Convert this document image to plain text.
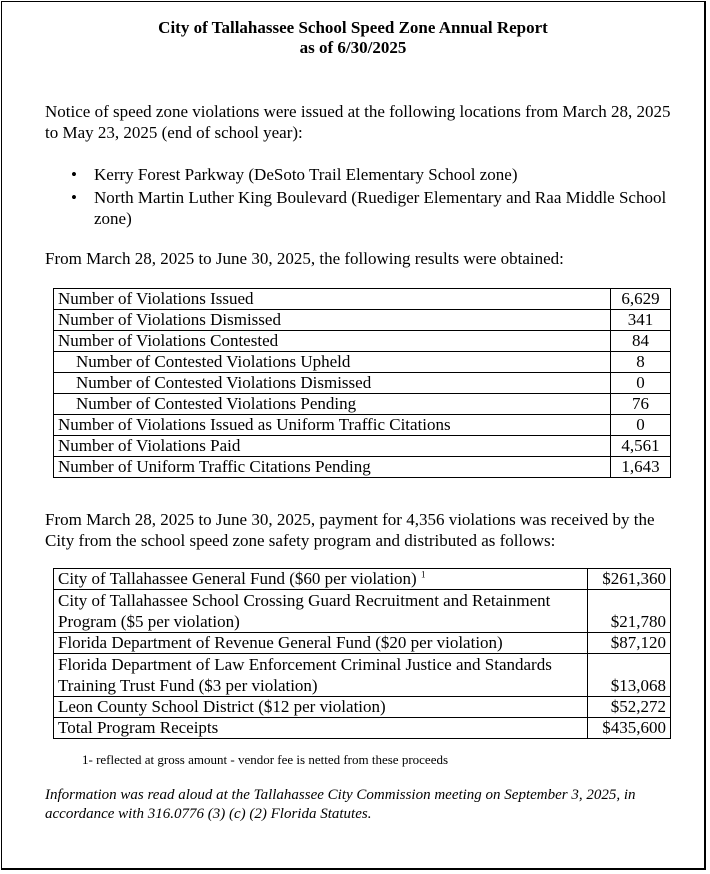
City of Tallahassee School Speed Zone Annual Report
as of 6/30/2025
Notice of speed zone violations were issued at the following locations from March 28, 2025 to May 23, 2025 (end of school year):
• Kerry Forest Parkway (DeSoto Trail Elementary School zone)
• North Martin Luther King Boulevard (Ruediger Elementary and Raa Middle School zone)
From March 28, 2025 to June 30, 2025, the following results were obtained:
Number of Violations Issued	6,629
Number of Violations Dismissed	341
Number of Violations Contested	84
Number of Contested Violations Upheld	8
Number of Contested Violations Dismissed	0
Number of Contested Violations Pending	76
Number of Violations Issued as Uniform Traffic Citations	0
Number of Violations Paid	4,561
Number of Uniform Traffic Citations Pending	1,643
From March 28, 2025 to June 30, 2025, payment for 4,356 violations was received by the City from the school speed zone safety program and distributed as follows:
City of Tallahassee General Fund ($60 per violation) $^1$	$261,360
City of Tallahassee School Crossing Guard Recruitment and Retainment Program ($5 per violation)	$21,780
Florida Department of Revenue General Fund ($20 per violation)	$87,120
Florida Department of Law Enforcement Criminal Justice and Standards Training Trust Fund ($3 per violation)	$13,068
Leon County School District ($12 per violation)	$52,272
Total Program Receipts	$435,600
1- reflected at gross amount - vendor fee is netted from these proceeds
Information was read aloud at the Tallahassee City Commission meeting on September 3, 2025, in accordance with 316.0776 (3) (c) (2) Florida Statutes.
